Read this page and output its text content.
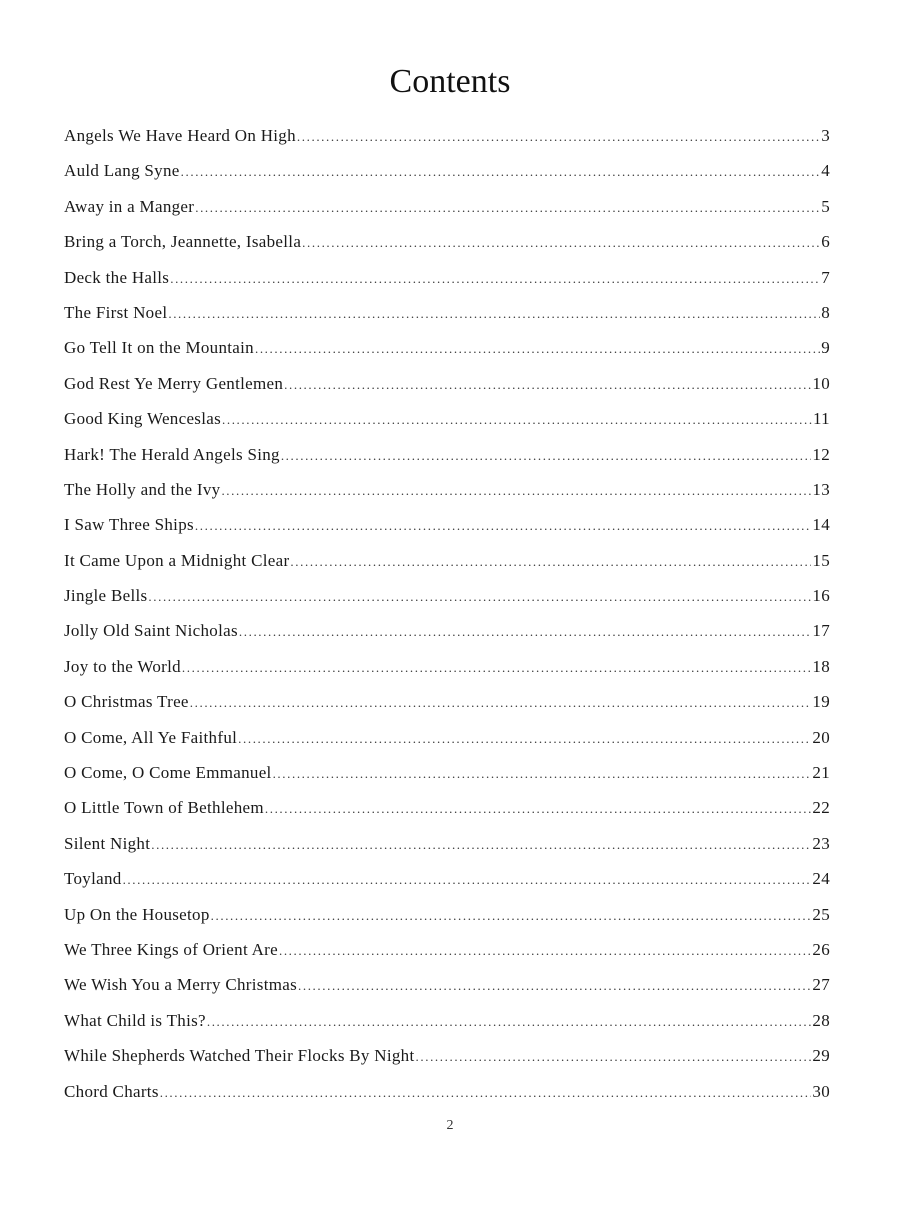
Contents
Angels We Have Heard On High .....	3
Auld Lang Syne .....	4
Away in a Manger .....	5
Bring a Torch, Jeannette, Isabella .....	6
Deck the Halls .....	7
The First Noel .....	8
Go Tell It on the Mountain .....	9
God Rest Ye Merry Gentlemen .....	10
Good King Wenceslas .....	11
Hark! The Herald Angels Sing .....	12
The Holly and the Ivy .....	13
I Saw Three Ships .....	14
It Came Upon a Midnight Clear .....	15
Jingle Bells .....	16
Jolly Old Saint Nicholas .....	17
Joy to the World .....	18
O Christmas Tree .....	19
O Come, All Ye Faithful .....	20
O Come, O Come Emmanuel .....	21
O Little Town of Bethlehem .....	22
Silent Night .....	23
Toyland .....	24
Up On the Housetop .....	25
We Three Kings of Orient Are .....	26
We Wish You a Merry Christmas .....	27
What Child is This? .....	28
While Shepherds Watched Their Flocks By Night .....	29
Chord Charts .....	30
2
